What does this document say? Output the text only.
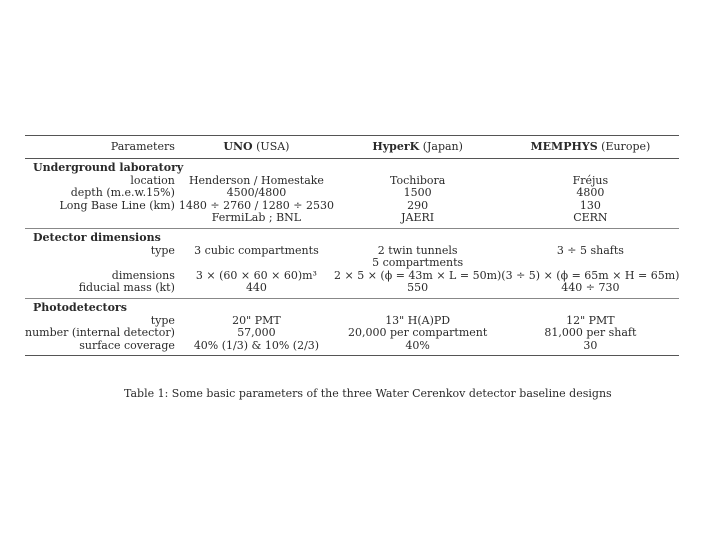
Parameters	UNO (USA)	HyperK (Japan)	MEMPHYS (Europe)
Underground laboratory			
location	Henderson / Homestake	Tochibora	Fréjus
depth (m.e.w.15%)	4500/4800	1500	4800
Long Base Line (km)	1480 ÷ 2760 / 1280 ÷ 2530	290	130
	FermiLab ; BNL	JAERI	CERN
Detector dimensions			
type	3 cubic compartments	2 twin tunnels	3 ÷ 5 shafts
		5 compartments	
dimensions	3 × (60 × 60 × 60)m³	2 × 5 × (ϕ = 43m × L = 50m)	(3 ÷ 5) × (ϕ = 65m × H = 65m)
fiducial mass (kt)	440	550	440 ÷ 730
Photodetectors			
type	20" PMT	13" H(A)PD	12" PMT
number (internal detector)	57,000	20,000 per compartment	81,000 per shaft
surface coverage	40% (1/3) & 10% (2/3)	40%	30
Table 1: Some basic parameters of the three Water Cerenkov detector baseline designs
